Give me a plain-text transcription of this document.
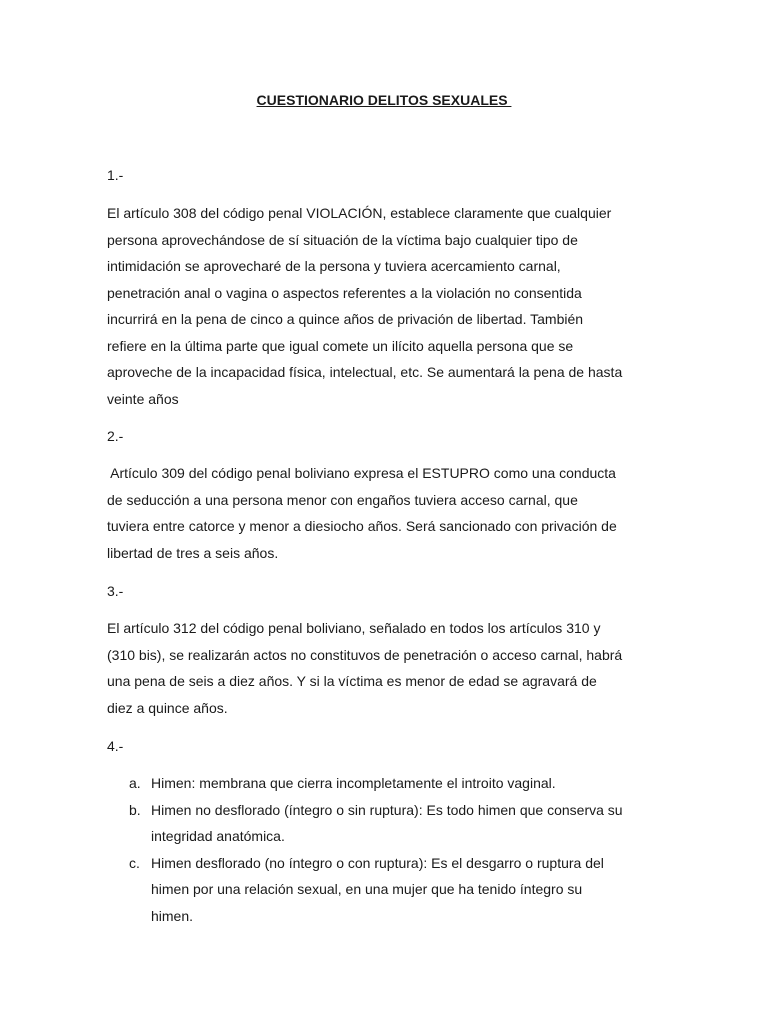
CUESTIONARIO DELITOS SEXUALES
1.-
El artículo 308 del código penal VIOLACIÓN, establece claramente que cualquier
persona aprovechándose de sí situación de la víctima bajo cualquier tipo de
intimidación se aprovecharé de la persona y tuviera acercamiento carnal,
penetración anal o vagina o aspectos referentes a la violación no consentida
incurrirá en la pena de cinco a quince años de privación de libertad. También
refiere en la última parte que igual comete un ilícito aquella persona que se
aproveche de la incapacidad física, intelectual, etc. Se aumentará la pena de hasta
veinte años
2.-
Artículo 309 del código penal boliviano expresa el ESTUPRO como una conducta
de seducción a una persona menor con engaños tuviera acceso carnal, que
tuviera entre catorce y menor a diesiocho años. Será sancionado con privación de
libertad de tres a seis años.
3.-
El artículo 312 del código penal boliviano, señalado en todos los artículos 310 y
(310 bis), se realizarán actos no constituvos de penetración o acceso carnal, habrá
una pena de seis a diez años. Y si la víctima es menor de edad se agravará de
diez a quince años.
4.-
a. Himen: membrana que cierra incompletamente el introito vaginal.
b. Himen no desflorado (íntegro o sin ruptura): Es todo himen que conserva su
integridad anatómica.
c. Himen desflorado (no íntegro o con ruptura): Es el desgarro o ruptura del
himen por una relación sexual, en una mujer que ha tenido íntegro su
himen.
